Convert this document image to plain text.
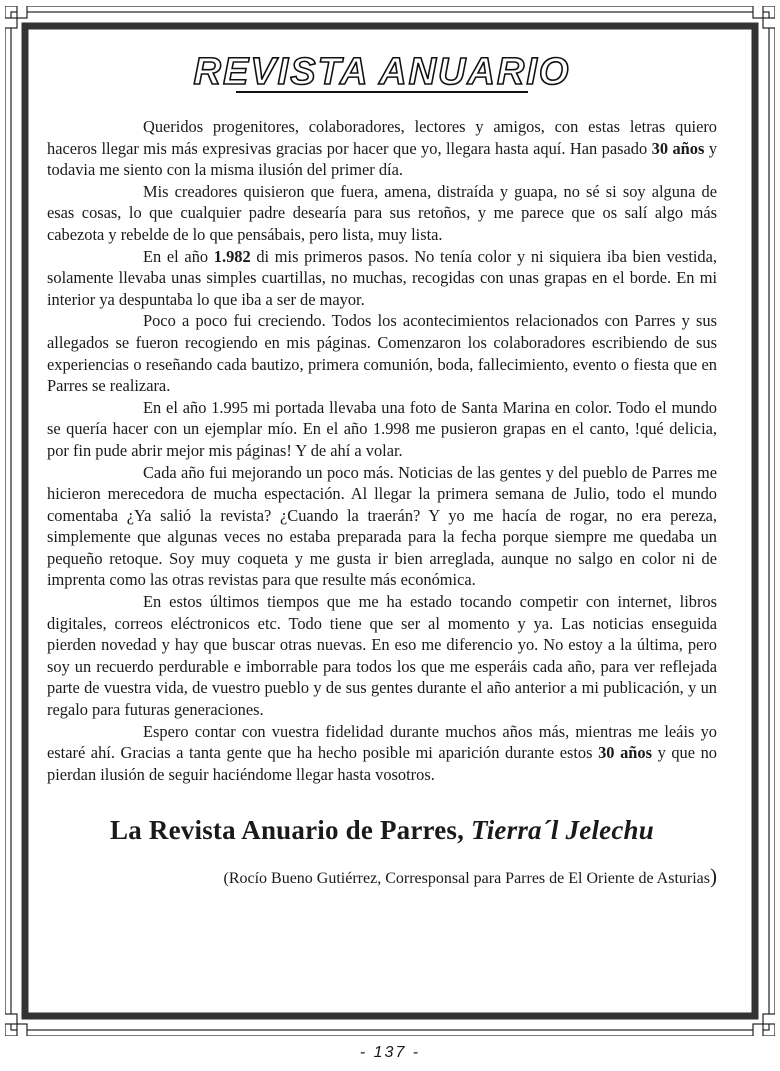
REVISTA ANUARIO

Queridos progenitores, colaboradores, lectores y amigos, con estas letras quiero haceros llegar mis más expresivas gracias por hacer que yo, llegara hasta aquí. Han pasado 30 años y todavia me siento con la misma ilusión del primer día.

Mis creadores quisieron que fuera, amena, distraída y guapa, no sé si soy alguna de esas cosas, lo que cualquier padre desearía para sus retoños, y me parece que os salí algo más cabezota y rebelde de lo que pensábais, pero lista, muy lista.

En el año 1.982 di mis primeros pasos. No tenía color y ni siquiera iba bien vestida, solamente llevaba unas simples cuartillas, no muchas, recogidas con unas grapas en el borde. En mi interior ya despuntaba lo que iba a ser de mayor.

Poco a poco fui creciendo. Todos los acontecimientos relacionados con Parres y sus allegados se fueron recogiendo en mis páginas. Comenzaron los colaboradores escribiendo de sus experiencias o reseñando cada bautizo, primera comunión, boda, fallecimiento, evento o fiesta que en Parres se realizara.

En el año 1.995 mi portada llevaba una foto de Santa Marina en color. Todo el mundo se quería hacer con un ejemplar mío. En el año 1.998 me pusieron grapas en el canto, !qué delicia, por fin pude abrir mejor mis páginas! Y de ahí a volar.

Cada año fui mejorando un poco más. Noticias de las gentes y del pueblo de Parres me hicieron merecedora de mucha espectación. Al llegar la primera semana de Julio, todo el mundo comentaba ¿Ya salió la revista? ¿Cuando la traerán? Y yo me hacía de rogar, no era pereza, simplemente que algunas veces no estaba preparada para la fecha porque siempre me quedaba un pequeño retoque. Soy muy coqueta y me gusta ir bien arreglada, aunque no salgo en color ni de imprenta como las otras revistas para que resulte más económica.

En estos últimos tiempos que me ha estado tocando competir con internet, libros digitales, correos eléctronicos etc. Todo tiene que ser al momento y ya. Las noticias enseguida pierden novedad y hay que buscar otras nuevas. En eso me diferencio yo. No estoy a la última, pero soy un recuerdo perdurable e imborrable para todos los que me esperáis cada año, para ver reflejada parte de vuestra vida, de vuestro pueblo y de sus gentes durante el año anterior a mi publicación, y un regalo para futuras generaciones.

Espero contar con vuestra fidelidad durante muchos años más, mientras me leáis yo estaré ahí. Gracias a tanta gente que ha hecho posible mi aparición durante estos 30 años y que no pierdan ilusión de seguir haciéndome llegar hasta vosotros.

La Revista Anuario de Parres, Tierra´l Jelechu
(Rocío Bueno Gutiérrez, Corresponsal para Parres de El Oriente de Asturias)
- 137 -
